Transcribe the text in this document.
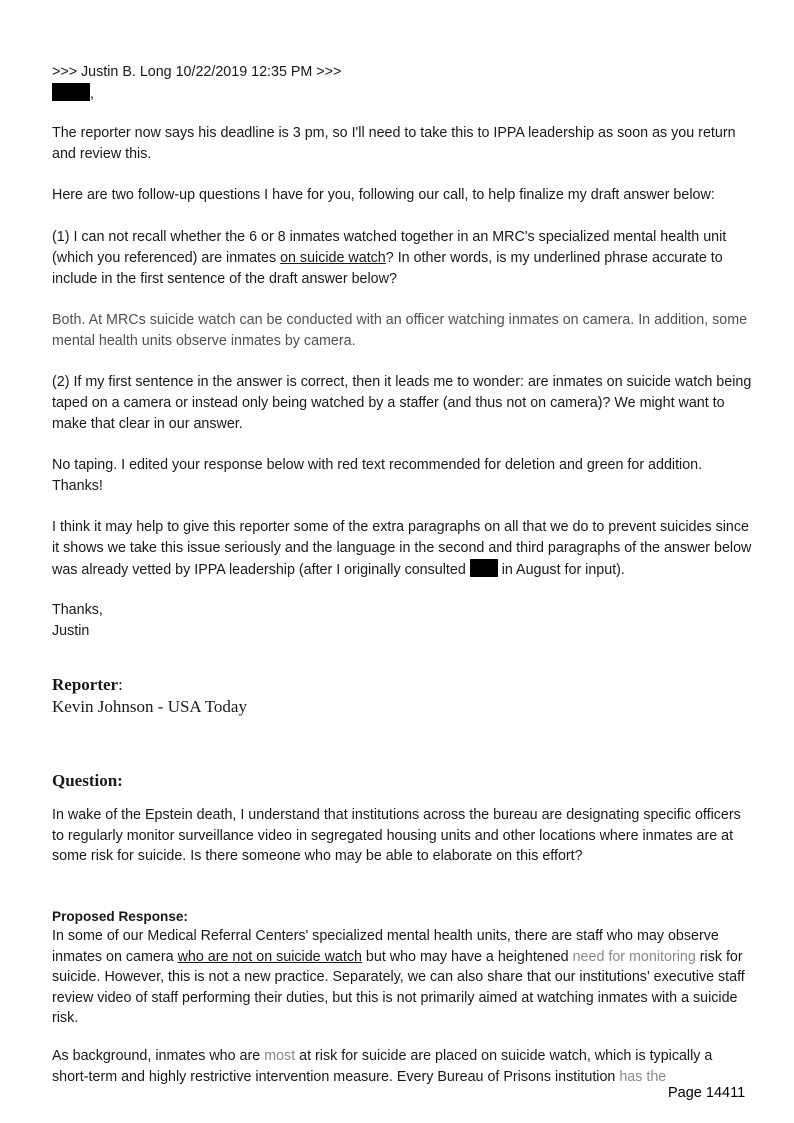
>>> Justin B. Long 10/22/2019 12:35 PM >>>

,

The reporter now says his deadline is 3 pm, so I'll need to take this to IPPA leadership as soon as you return and review this.

Here are two follow-up questions I have for you, following our call, to help finalize my draft answer below:

(1) I can not recall whether the 6 or 8 inmates watched together in an MRC's specialized mental health unit (which you referenced) are inmates on suicide watch? In other words, is my underlined phrase accurate to include in the first sentence of the draft answer below?

Both. At MRCs suicide watch can be conducted with an officer watching inmates on camera. In addition, some mental health units observe inmates by camera.

(2) If my first sentence in the answer is correct, then it leads me to wonder: are inmates on suicide watch being taped on a camera or instead only being watched by a staffer (and thus not on camera)? We might want to make that clear in our answer.

No taping. I edited your response below with red text recommended for deletion and green for addition. Thanks!

I think it may help to give this reporter some of the extra paragraphs on all that we do to prevent suicides since it shows we take this issue seriously and the language in the second and third paragraphs of the answer below was already vetted by IPPA leadership (after I originally consulted  in August for input).

Thanks,

Justin

Reporter:

Kevin Johnson - USA Today

Question:

In wake of the Epstein death, I understand that institutions across the bureau are designating specific officers to regularly monitor surveillance video in segregated housing units and other locations where inmates are at some risk for suicide. Is there someone who may be able to elaborate on this effort?

Proposed Response:

In some of our Medical Referral Centers' specialized mental health units, there are staff who may observe inmates on camera who are not on suicide watch but who may have a heightened need for monitoring risk for suicide. However, this is not a new practice. Separately, we can also share that our institutions' executive staff review video of staff performing their duties, but this is not primarily aimed at watching inmates with a suicide risk.

As background, inmates who are most at risk for suicide are placed on suicide watch, which is typically a short-term and highly restrictive intervention measure. Every Bureau of Prisons institution has the

Page 14411
